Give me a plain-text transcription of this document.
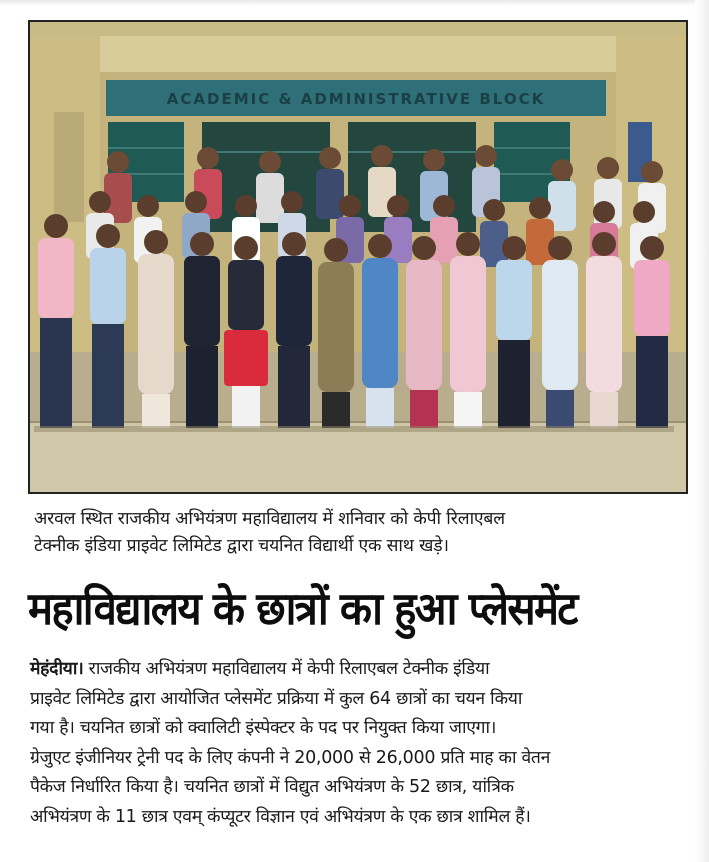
ACADEMIC & ADMINISTRATIVE BLOCK
अरवल स्थित राजकीय अभियंत्रण महाविद्यालय में शनिवार को केपी रिलाएबल
टेक्नीक इंडिया प्राइवेट लिमिटेड द्वारा चयनित विद्यार्थी एक साथ खड़े।
महाविद्यालय के छात्रों का हुआ प्लेसमेंट
मेहंदीया। राजकीय अभियंत्रण महाविद्यालय में केपी रिलाएबल टेक्नीक इंडिया
प्राइवेट लिमिटेड द्वारा आयोजित प्लेसमेंट प्रक्रिया में कुल 64 छात्रों का चयन किया
गया है। चयनित छात्रों को क्वालिटी इंस्पेक्टर के पद पर नियुक्त किया जाएगा।
ग्रेजुएट इंजीनियर ट्रेनी पद के लिए कंपनी ने 20,000 से 26,000 प्रति माह का वेतन
पैकेज निर्धारित किया है। चयनित छात्रों में विद्युत अभियंत्रण के 52 छात्र, यांत्रिक
अभियंत्रण के 11 छात्र एवम् कंप्यूटर विज्ञान एवं अभियंत्रण के एक छात्र शामिल हैं।
